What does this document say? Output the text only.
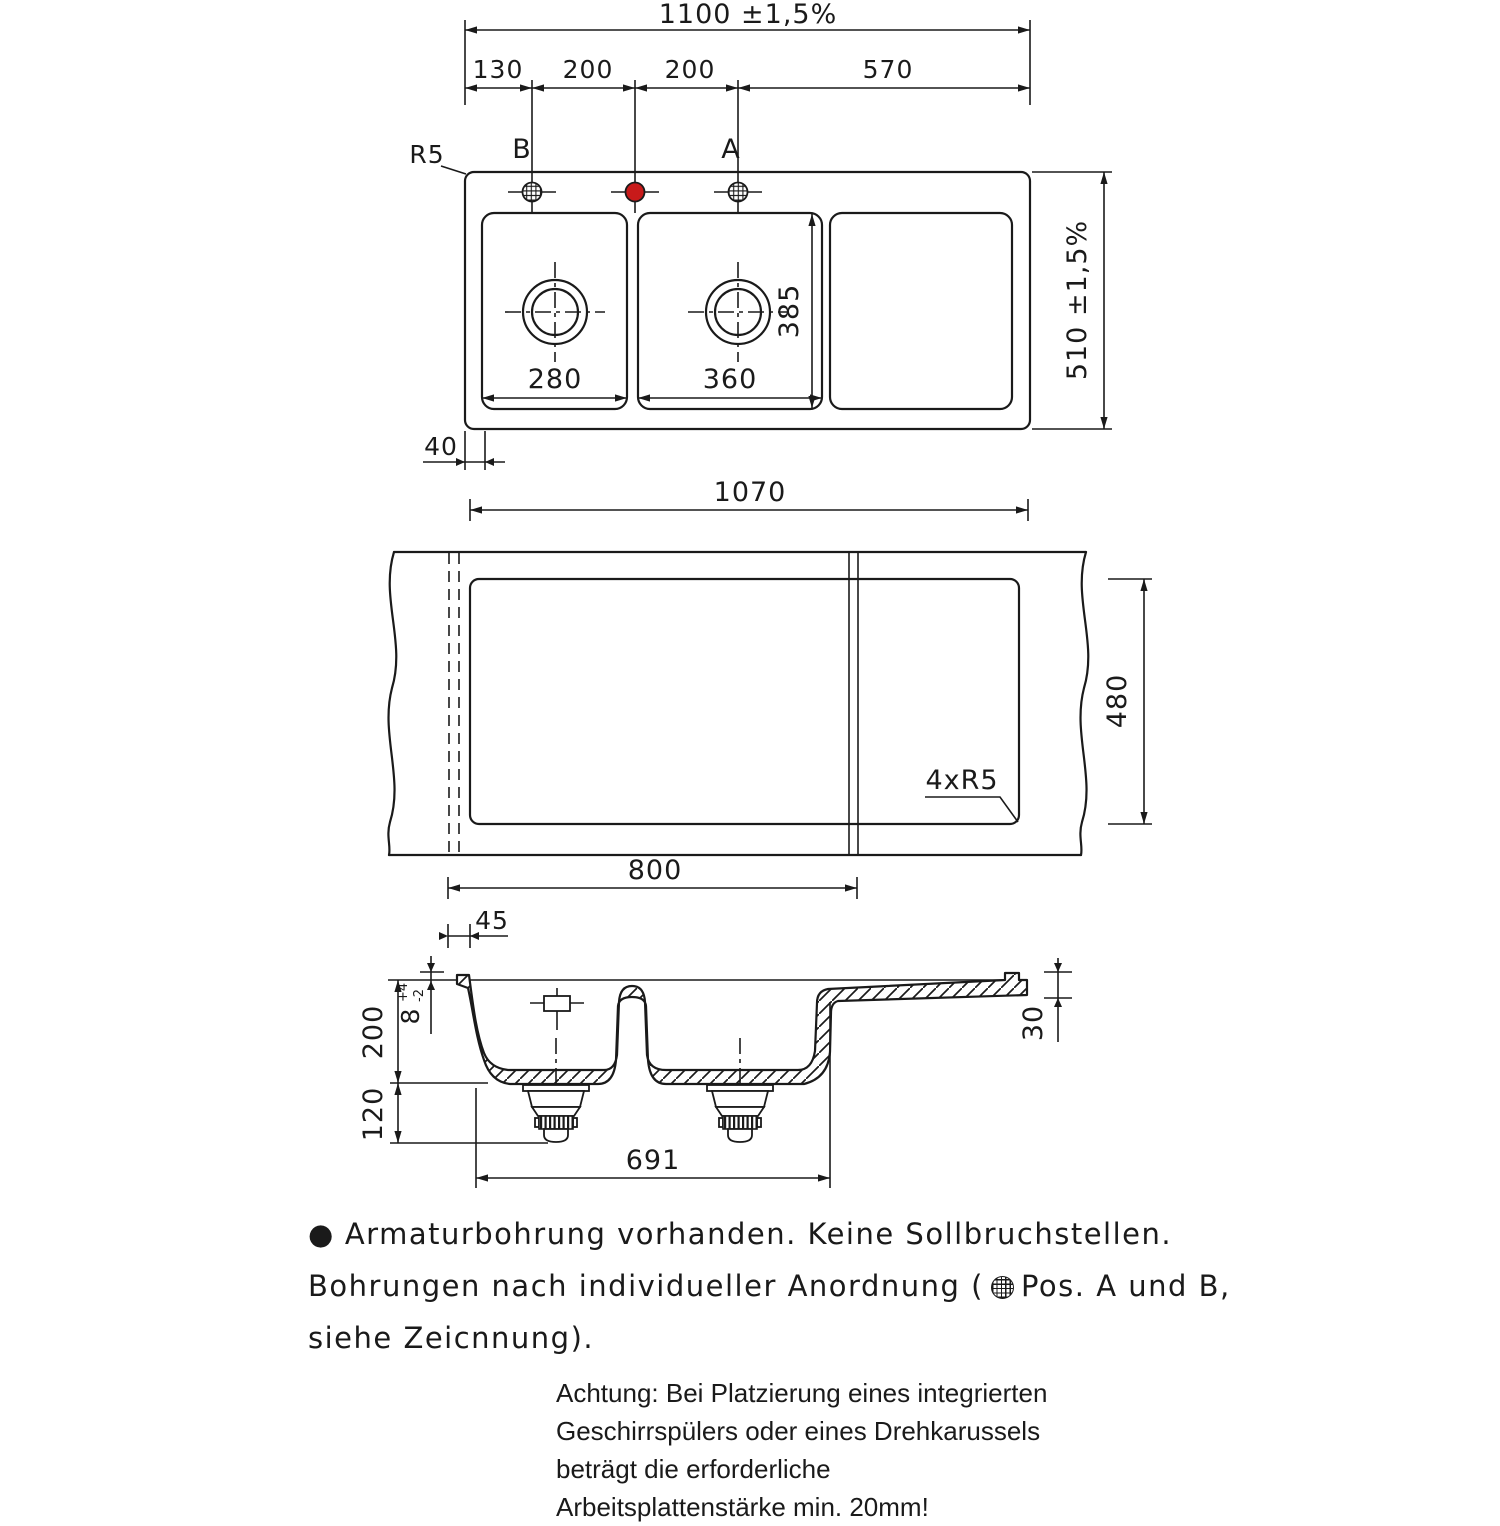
1100 ±1,5%
130 200 200	570
R5	B	A
280	360
385	510 ±1,5%
40
1070
4xR5
480
800
45
200
120
8
+4 -2
30
691
● Armaturbohrung vorhanden. Keine Sollbruchstellen.
Bohrungen nach individueller Anordnung ( Pos. A und B,
siehe Zeicnnung).
Achtung: Bei Platzierung eines integrierten
Geschirrspülers oder eines Drehkarussels
beträgt die erforderliche
Arbeitsplattenstärke min. 20mm!
